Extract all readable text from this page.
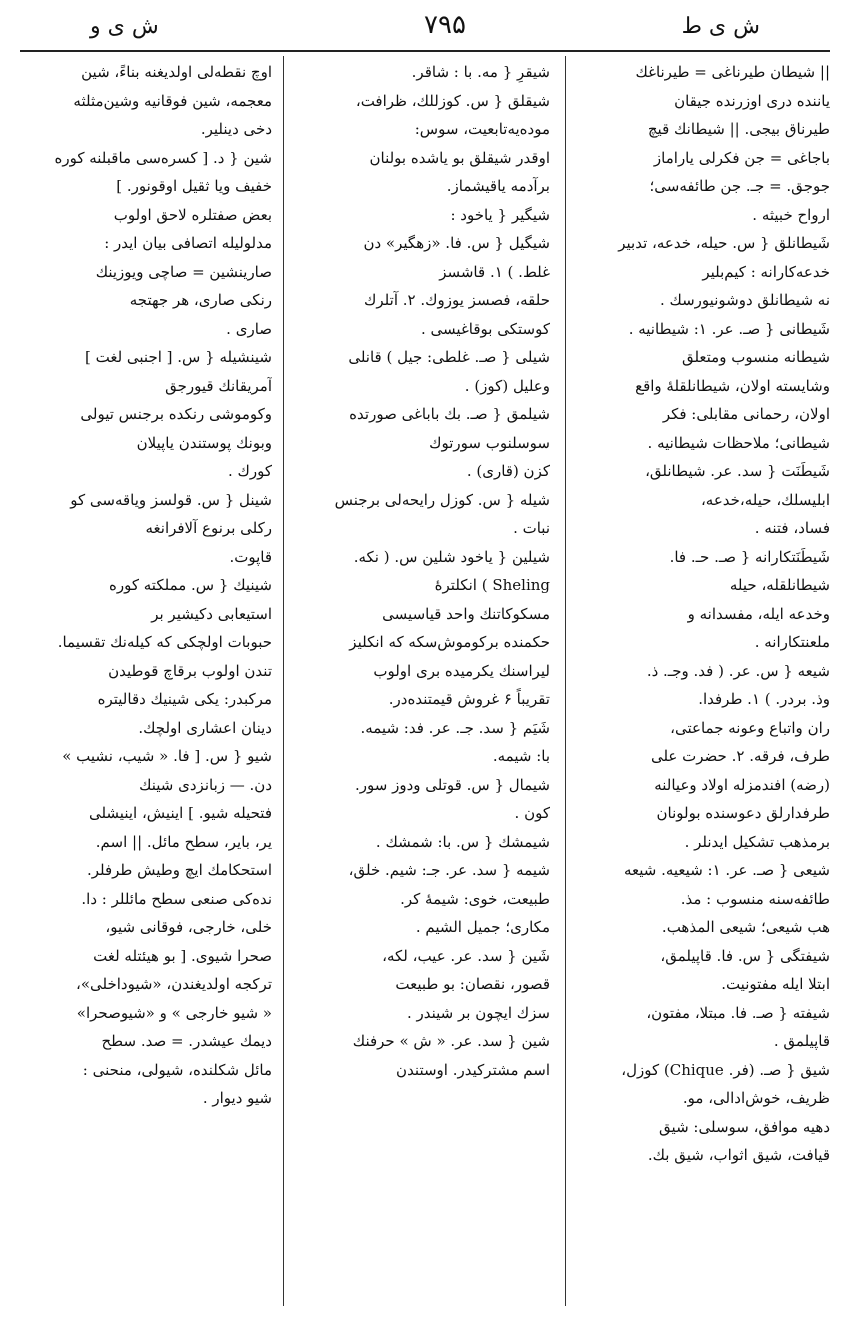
ش ی و	۷۹۵	ش ی ط
|| شیطان طیرناغی = طیرناغك
یاننده دری اوزرنده جیقان
طیرناق بیجی. || شیطانك قیچ
باجاغی = جن فکرلی یاراماز
جوجق. = جـ. جن طائفه‌سی؛
ارواح خبیثه .
شَیطانلق { س. حیله، خدعه، تدبیر
خدعه‌کارانه : کیم‌بلیر
نه شیطانلق دوشونیورسك .
شَیطانی { صـ. عر. ۱: شیطانیه .
شیطانه منسوب ومتعلق
وشایسته اولان، شیطانلقلهٔ واقع
اولان، رحمانی مقابلی: فکر
شیطانی؛ ملاحظات شیطانیه .
شَیطَنَت { سد. عر. شیطانلق،
ابلیسلك، حیله،خدعه،
فساد، فتنه .
شَیطَنَتکارانه { صـ. حـ. فا.
شیطانلقله، حیله
وخدعه ایله، مفسدانه و
ملعنتکارانه .
شیعه { س. عر. ( فد. وجـ. ذ.
وذ. بردر. ) ۱. طرفدا.
ران واتباع وعونه جماعتی،
طرف، فرقه. ۲. حضرت علی
(رضه) افندمزله اولاد وعیالنه
طرفدارلق دعوسنده بولونان
برمذهب تشکیل ایدنلر .
شیعی { صـ. عر. ۱: شیعیه. شیعه
طائفه‌سنه منسوب : مذ.
هب شیعی؛ شیعی المذهب.
شیفتگی { س. فا. قاپیلمق،
ابتلا ایله مفتونیت.
شیفته { صـ. فا. مبتلا، مفتون،
قاپیلمق .
شیق { صـ. (فر. Chique) کوزل،
ظریف، خوش‌ادالی، مو.
دهیه موافق، سوسلی: شیق
قیافت، شیق اثواب، شیق بك.
شیقرِ { مه. با : شاقر.
شیقلق { س. کوزللك، ظرافت،
موده‌یه‌تابعیت، سوس:
اوقدر شیقلق بو یاشده بولنان
برآدمه یاقیشماز.
شیگیر { یاخود :
شیگیل { س. فا. «زهگیر» دن
غلط. ) ۱. قاشسز
حلقه، فصسز یوزوك. ۲. آتلرك
کوستکی بوقاغیسی .
شیلی { صـ. غلطی: جیل ) قانلی
وعلیل (کوز) .
شیلمق { صـ. بك باباغی صورتده
سوسلنوب سورتوك
کزن (قاری) .
شیله { س. کوزل رایحه‌لی برجنس
نبات .
شیلین { یاخود شلین س. ( نکه.
Sheling ) انکلترهٔ
مسکوکاتنك واحد قیاسیسی
حکمنده برکوموش‌سکه که انکلیز
لیراسنك یکرمیده بری اولوب
تقریباً ۶ غروش قیمتنده‌در.
شَیَم { سد. جـ. عر. فد: شیمه.
با: شیمه.
شیمال { س. قوتلی ودوز سور.
کون .
شیمشك { س. با: شمشك .
شیمه { سد. عر. جـ: شیم. خلق،
طبیعت، خوی: شیمهٔ کر.
مکاری؛ جمیل الشیم .
شَین { سد. عر. عیب، لکه،
قصور، نقصان: بو طبیعت
سزك ایچون بر شیندر .
شین { سد. عر. « ش » حرفنك
اسم مشترکیدر. اوستندن
اوچ نقطه‌لی اولدیغنه بناءً، شین
معجمه، شین فوقانیه وشین‌مثلثه
دخی دینلیر.
شین { د. [ کسره‌سی ماقبلنه کوره
خفیف ویا ثقیل اوقونور. ]
بعض صفتلره لاحق اولوب
مدلولیله اتصافی بیان ایدر :
صارینشین = صاچی ویوزینك
رنکی صاری، هر جهتجه
صاری .
شینشیله { س. [ اجنبی لغت ]
آمریقانك قیورجق
وکوموشی رنکده برجنس تیولی
وبونك پوستندن یاپیلان
کورك .
شینل { س. قولسز ویاقه‌سی کو
رکلی برنوع آلافرانغه
قاپوت.
شینیك { س. مملکته کوره
استیعابی دکیشیر بر
حبوبات اولچکی که کیله‌نك تقسیما.
تندن اولوب برقاچ قوطیدن
مرکبدر: یکی شینیك دقالیتره
دینان اعشاری اولچك.
شیو { س. [ فا. « شیب، نشیب »
دن. — زبانزدی شینك
فتحیله شیو. ] اینیش، اینیشلی
یر، بایر، سطح مائل. || اسم.
استحکامك ایچ وطیش طرفلر.
نده‌کی صنعی سطح مائللر : دا.
خلی، خارجی، فوقانی شیو،
صحرا شیوی. [ بو هیئتله لغت
ترکجه اولدیغندن، «شیوداخلی»،
« شیو خارجی » و «شیوصحرا»
دیمك عیشدر. = صد. سطح
مائل شکلنده، شیولی، منحنی :
شیو دیوار .
